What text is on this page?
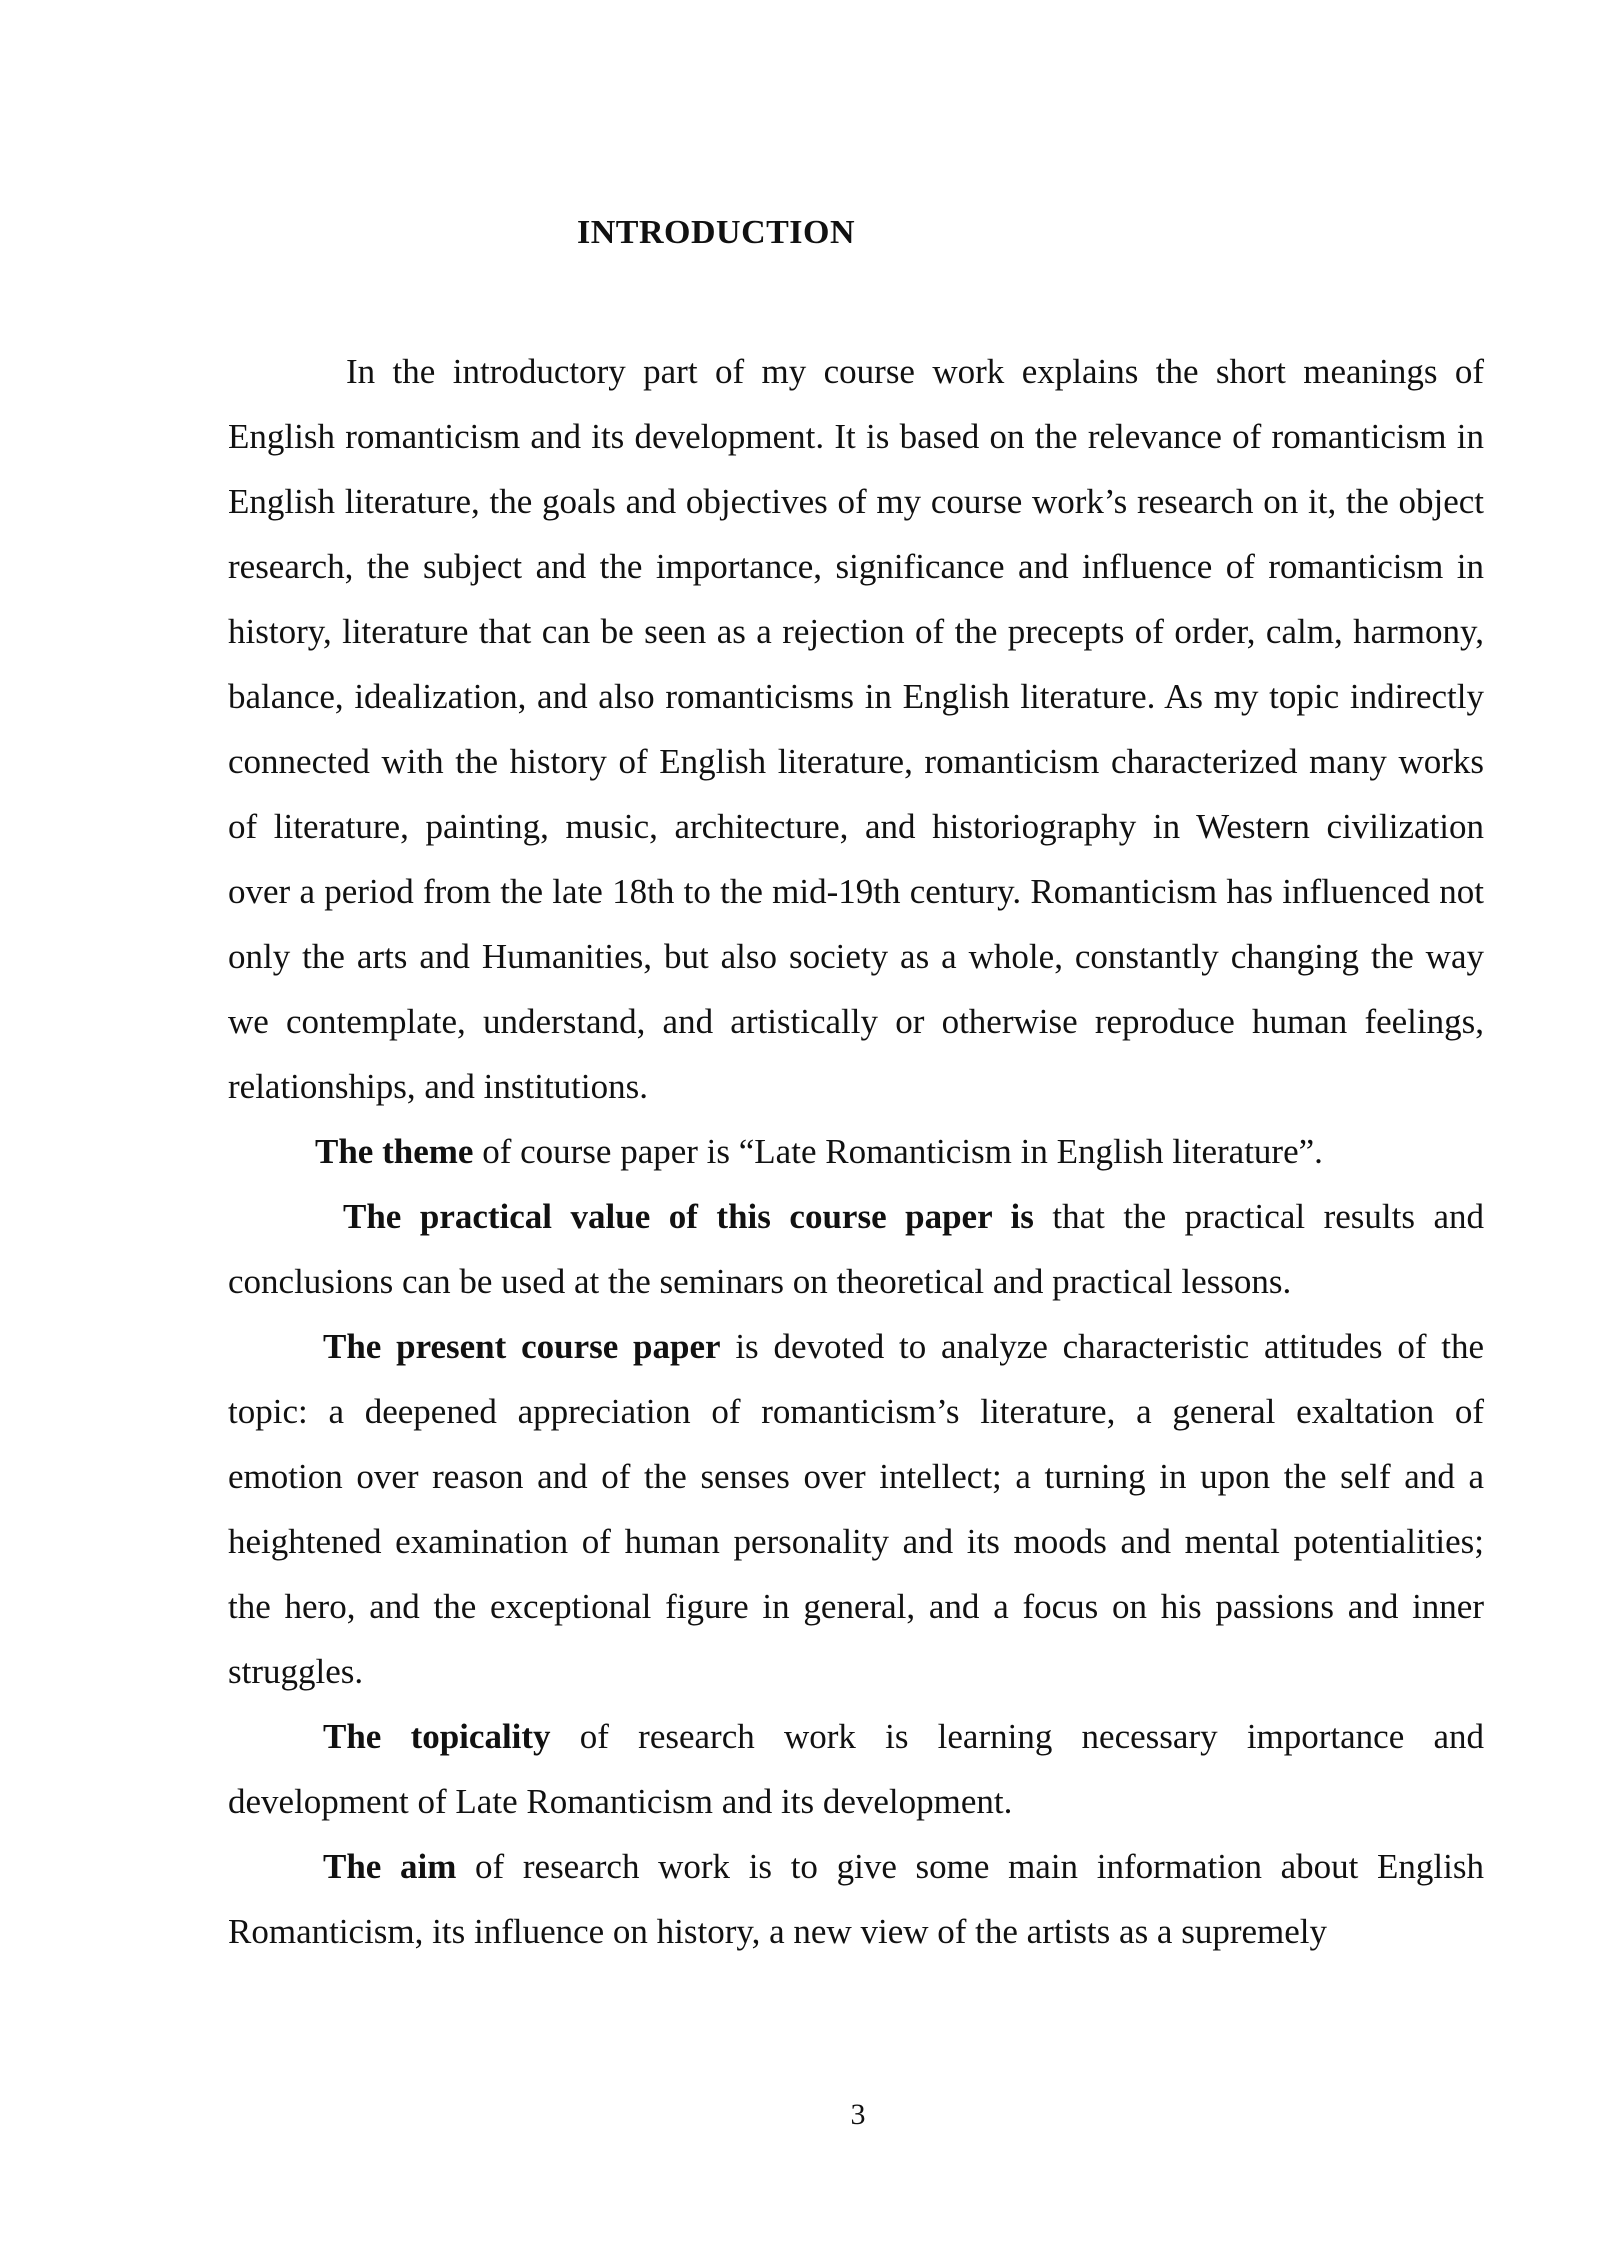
INTRODUCTION

In the introductory part of my course work explains the short meanings of English romanticism and its development. It is based on the relevance of romanticism in English literature, the goals and objectives of my course work’s research on it, the object research, the subject and the importance, significance and influence of romanticism in history, literature that can be seen as a rejection of the precepts of order, calm, harmony, balance, idealization, and also romanticisms in English literature. As my topic indirectly connected with the history of English literature, romanticism characterized many works of literature, painting, music, architecture, and historiography in Western civilization over a period from the late 18th to the mid-19th century. Romanticism has influenced not only the arts and Humanities, but also society as a whole, constantly changing the way we contemplate, understand, and artistically or otherwise reproduce human feelings, relationships, and institutions.

The theme of course paper is “Late Romanticism in English literature”.

The practical value of this course paper is that the practical results and conclusions can be used at the seminars on theoretical and practical lessons.

The present course paper is devoted to analyze characteristic attitudes of the topic: a deepened appreciation of romanticism’s literature, a general exaltation of emotion over reason and of the senses over intellect; a turning in upon the self and a heightened examination of human personality and its moods and mental potentialities; the hero, and the exceptional figure in general, and a focus on his passions and inner struggles.

The topicality of research work is learning necessary importance and development of Late Romanticism and its development.

The aim of research work is to give some main information about English Romanticism, its influence on history, a new view of the artists as a supremely

3
